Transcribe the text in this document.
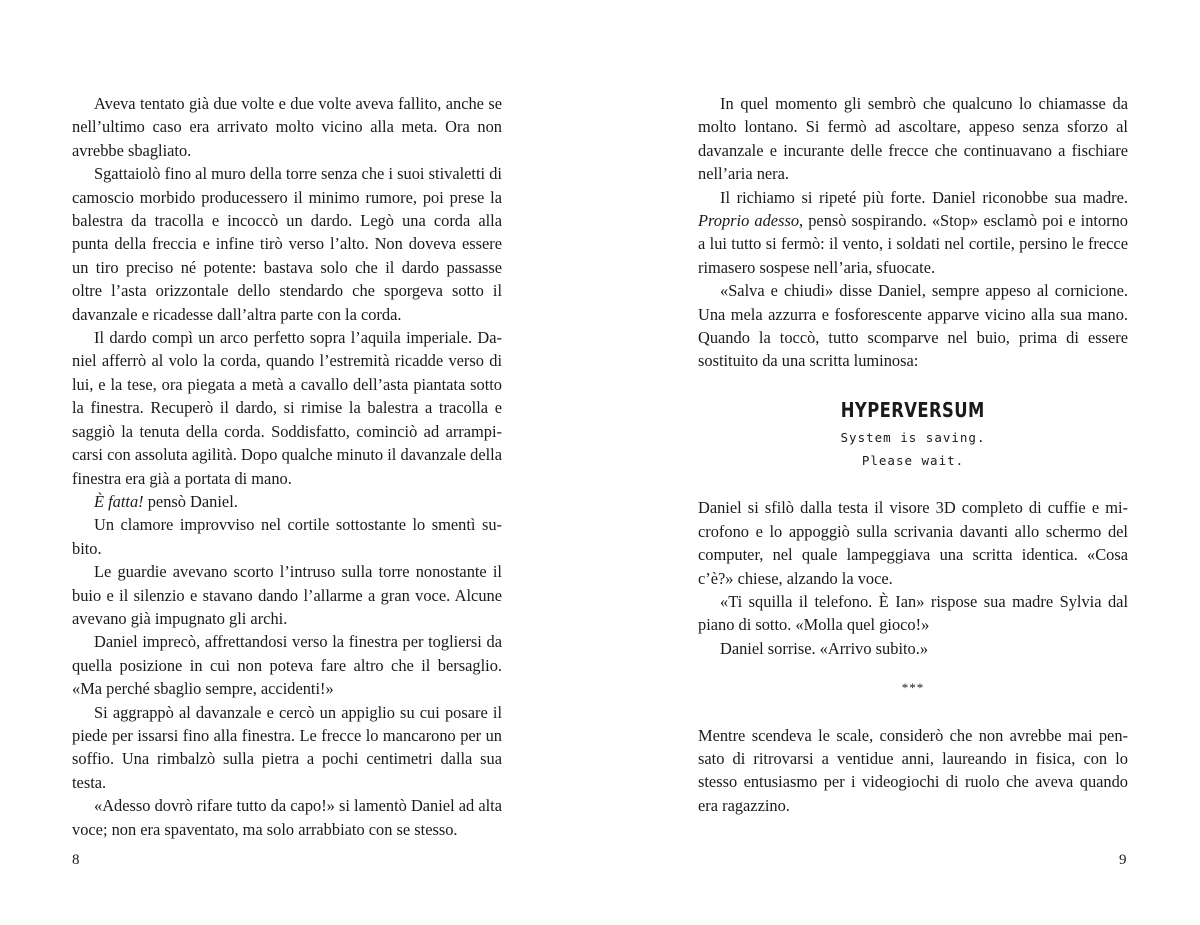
Aveva tentato già due volte e due volte aveva fallito, anche se nell’ultimo caso era arrivato molto vicino alla meta. Ora non avrebbe sbagliato.

Sgattaiolò fino al muro della torre senza che i suoi stivaletti di camoscio morbido producessero il minimo rumore, poi prese la balestra da tracolla e incoccò un dardo. Legò una corda alla punta della freccia e infine tirò verso l’alto. Non doveva essere un tiro preciso né potente: bastava solo che il dardo passasse oltre l’asta orizzontale dello stendardo che sporgeva sotto il davanzale e ricadesse dall’altra parte con la corda.

Il dardo compì un arco perfetto sopra l’aquila imperiale. Daniel afferrò al volo la corda, quando l’estremità ricadde verso di lui, e la tese, ora piegata a metà a cavallo dell’asta piantata sotto la finestra. Recuperò il dardo, si rimise la balestra a tracolla e saggiò la tenuta della corda. Soddisfatto, cominciò ad arrampicarsi con assoluta agilità. Dopo qualche minuto il davanzale della finestra era già a portata di mano.

È fatta! pensò Daniel.

Un clamore improvviso nel cortile sottostante lo smentì subito.

Le guardie avevano scorto l’intruso sulla torre nonostante il buio e il silenzio e stavano dando l’allarme a gran voce. Alcune avevano già impugnato gli archi.

Daniel imprecò, affrettandosi verso la finestra per togliersi da quella posizione in cui non poteva fare altro che il bersaglio. «Ma perché sbaglio sempre, accidenti!»

Si aggrappò al davanzale e cercò un appiglio su cui posare il piede per issarsi fino alla finestra. Le frecce lo mancarono per un soffio. Una rimbalzò sulla pietra a pochi centimetri dalla sua testa.

«Adesso dovrò rifare tutto da capo!» si lamentò Daniel ad alta voce; non era spaventato, ma solo arrabbiato con se stesso.

8

In quel momento gli sembrò che qualcuno lo chiamasse da molto lontano. Si fermò ad ascoltare, appeso senza sforzo al davanzale e incurante delle frecce che continuavano a fischiare nell’aria nera.

Il richiamo si ripeté più forte. Daniel riconobbe sua madre. Proprio adesso, pensò sospirando. «Stop» esclamò poi e intorno a lui tutto si fermò: il vento, i soldati nel cortile, persino le frecce rimasero sospese nell’aria, sfuocate.

«Salva e chiudi» disse Daniel, sempre appeso al cornicione. Una mela azzurra e fosforescente apparve vicino alla sua mano. Quando la toccò, tutto scomparve nel buio, prima di essere sostituito da una scritta luminosa:

HYPERVERSUM
System is saving.
Please wait.

Daniel si sfilò dalla testa il visore 3D completo di cuffie e microfono e lo appoggiò sulla scrivania davanti allo schermo del computer, nel quale lampeggiava una scritta identica. «Cosa c’è?» chiese, alzando la voce.

«Ti squilla il telefono. È Ian» rispose sua madre Sylvia dal piano di sotto. «Molla quel gioco!»

Daniel sorrise. «Arrivo subito.»

***

Mentre scendeva le scale, considerò che non avrebbe mai pensato di ritrovarsi a ventidue anni, laureando in fisica, con lo stesso entusiasmo per i videogiochi di ruolo che aveva quando era ragazzino.

9
